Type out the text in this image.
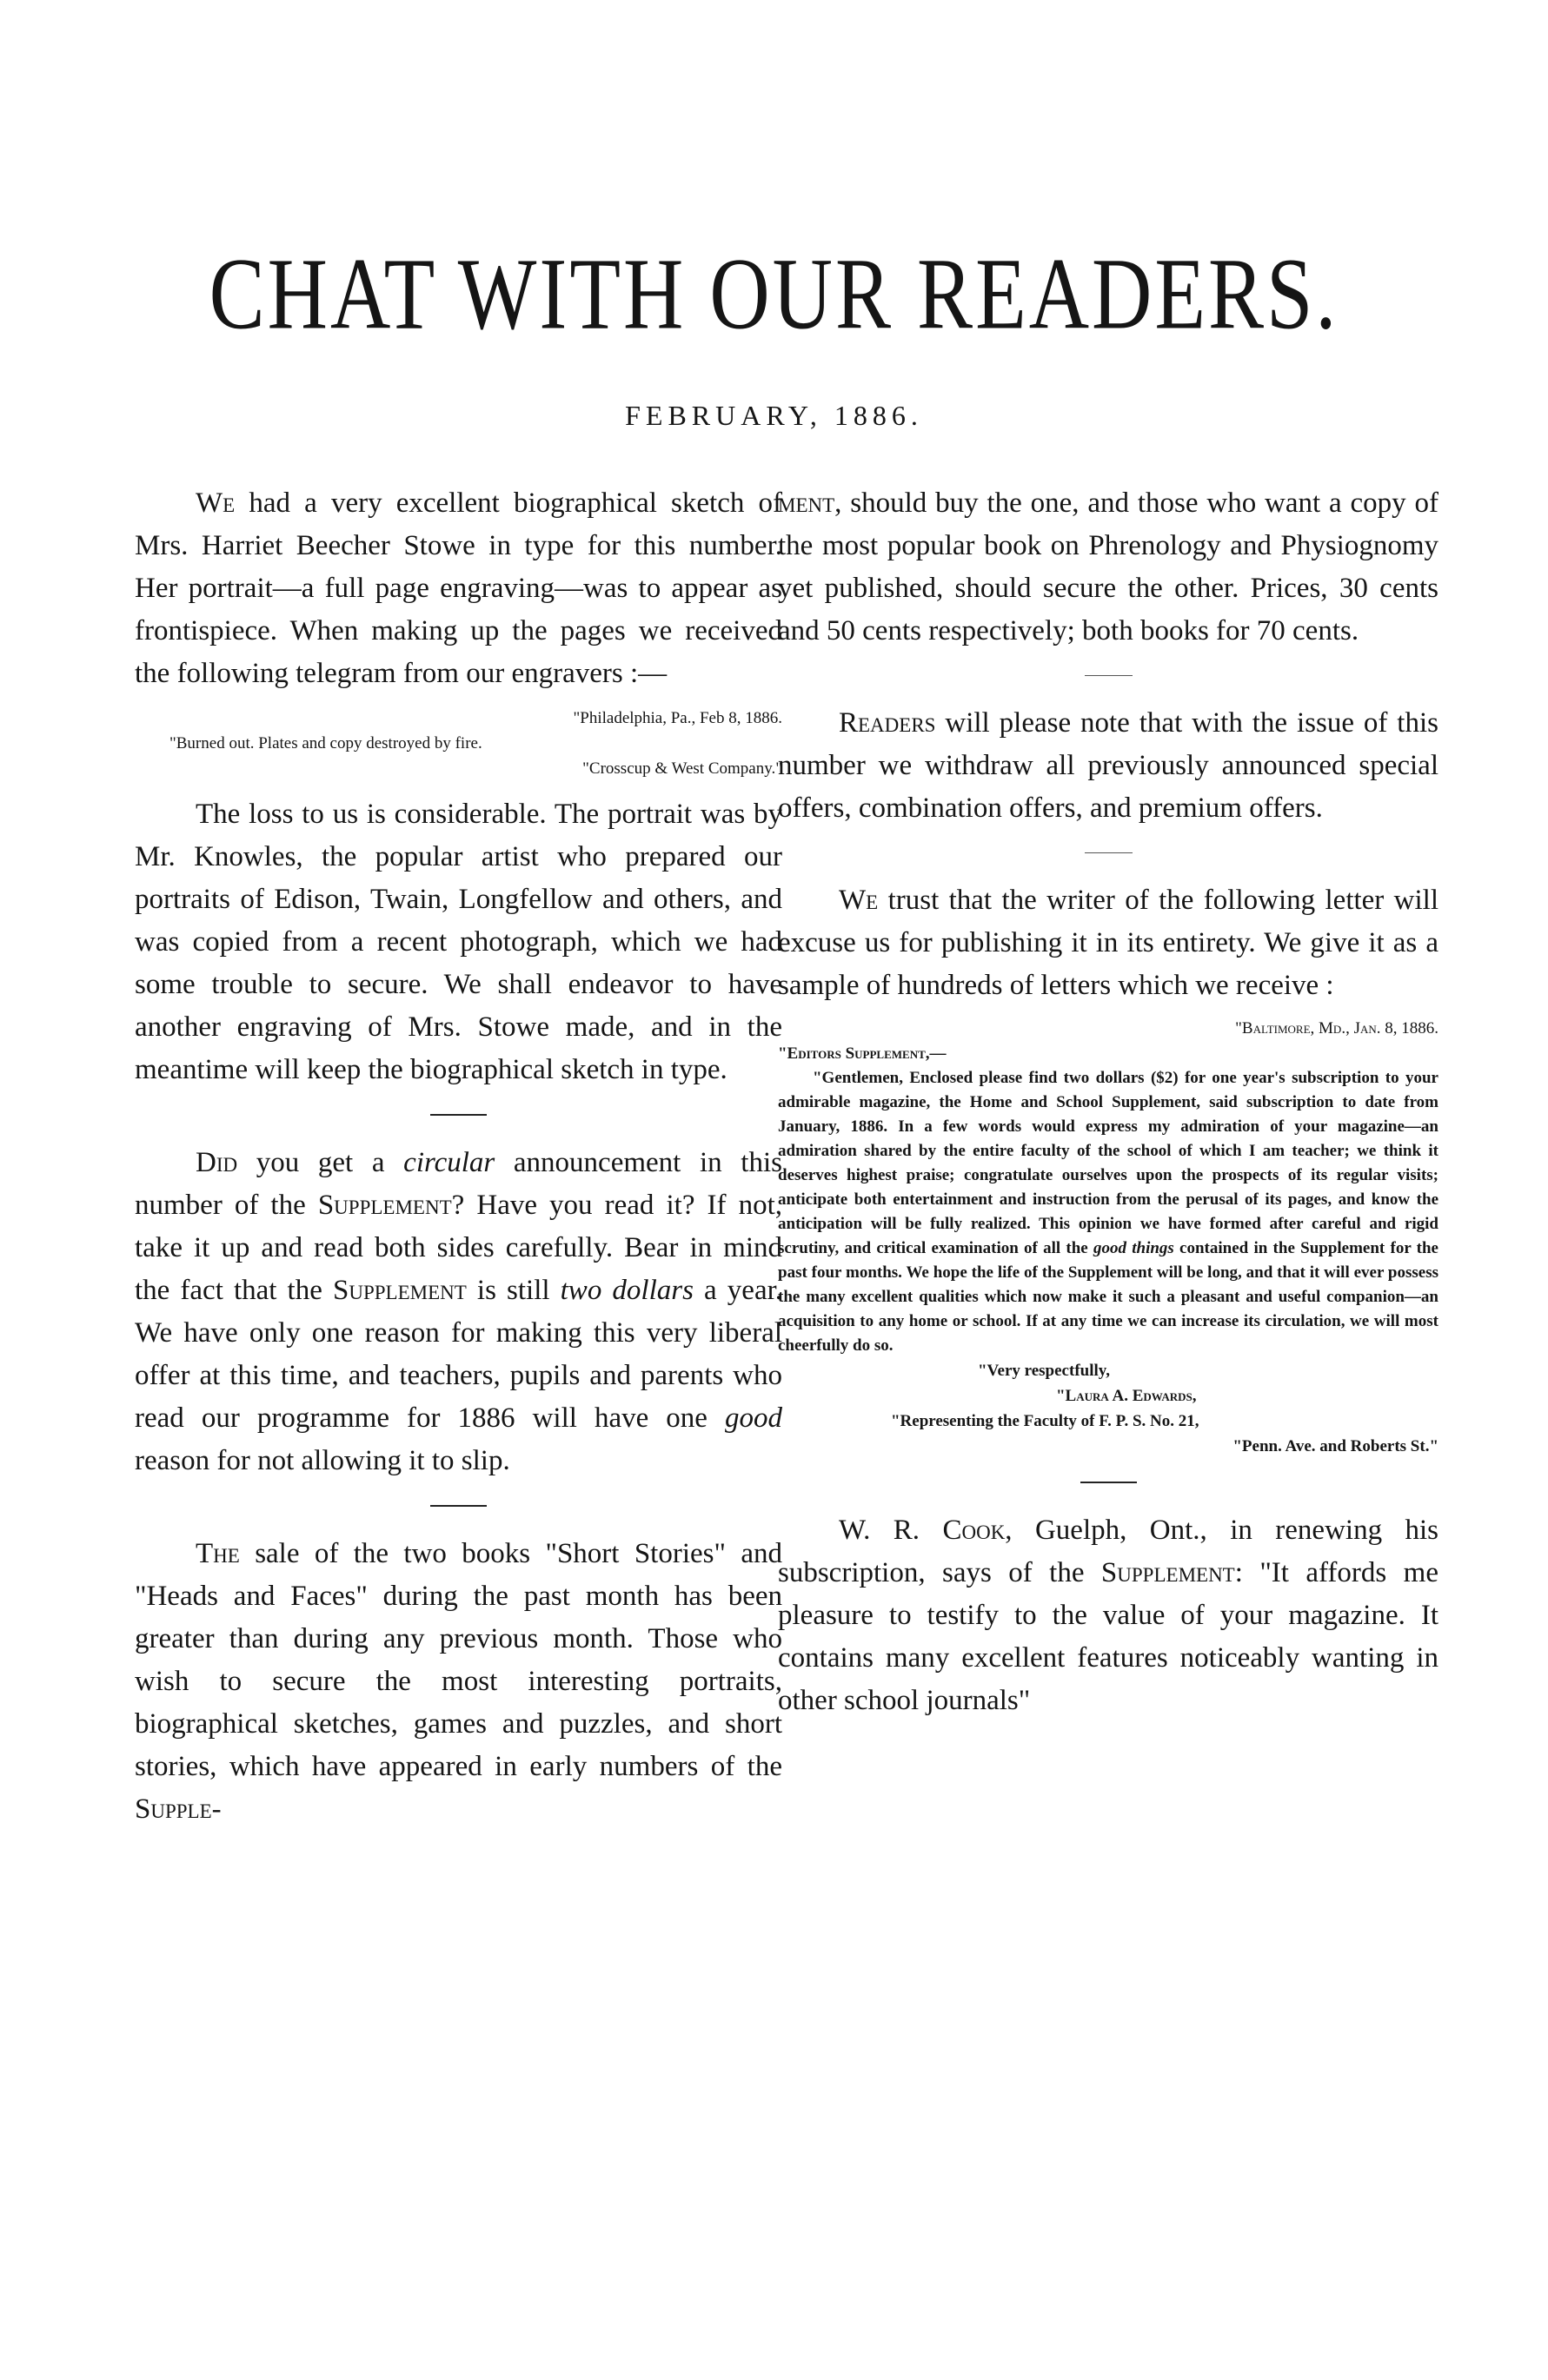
CHAT WITH OUR READERS.
FEBRUARY, 1886.

We had a very excellent biographical sketch of Mrs. Harriet Beecher Stowe in type for this number. Her portrait—a full page engraving—was to appear as frontispiece. When making up the pages we received the following telegram from our engravers :—

"Philadelphia, Pa., Feb 8, 1886.
"Burned out. Plates and copy destroyed by fire.
"Crosscup & West Company."

The loss to us is considerable. The portrait was by Mr. Knowles, the popular artist who prepared our portraits of Edison, Twain, Longfellow and others, and was copied from a recent photograph, which we had some trouble to secure. We shall endeavor to have another engraving of Mrs. Stowe made, and in the meantime will keep the biographical sketch in type.

Did you get a circular announcement in this number of the Supplement? Have you read it? If not, take it up and read both sides carefully. Bear in mind the fact that the Supplement is still two dollars a year. We have only one reason for making this very liberal offer at this time, and teachers, pupils and parents who read our programme for 1886 will have one good reason for not allowing it to slip.

The sale of the two books "Short Stories" and "Heads and Faces" during the past month has been greater than during any previous month. Those who wish to secure the most interesting portraits, biographical sketches, games and puzzles, and short stories, which have appeared in early numbers of the Supple-

ment, should buy the one, and those who want a copy of the most popular book on Phrenology and Physiognomy yet published, should secure the other. Prices, 30 cents and 50 cents respectively; both books for 70 cents.

Readers will please note that with the issue of this number we withdraw all previously announced special offers, combination offers, and premium offers.

We trust that the writer of the following letter will excuse us for publishing it in its entirety. We give it as a sample of hundreds of letters which we receive :

"Baltimore, Md., Jan. 8, 1886.
"Editors Supplement,—

"Gentlemen, Enclosed please find two dollars ($2) for one year's subscription to your admirable magazine, the Home and School Supplement, said subscription to date from January, 1886. In a few words would express my admiration of your magazine—an admiration shared by the entire faculty of the school of which I am teacher; we think it deserves highest praise; congratulate ourselves upon the prospects of its regular visits; anticipate both entertainment and instruction from the perusal of its pages, and know the anticipation will be fully realized. This opinion we have formed after careful and rigid scrutiny, and critical examination of all the good things contained in the Supplement for the past four months. We hope the life of the Supplement will be long, and that it will ever possess the many excellent qualities which now make it such a pleasant and useful companion—an acquisition to any home or school. If at any time we can increase its circulation, we will most cheerfully do so.

"Very respectfully,
"Laura A. Edwards,
"Representing the Faculty of F. P. S. No. 21,
"Penn. Ave. and Roberts St."

W. R. Cook, Guelph, Ont., in renewing his subscription, says of the Supplement: "It affords me pleasure to testify to the value of your magazine. It contains many excellent features noticeably wanting in other school journals"
